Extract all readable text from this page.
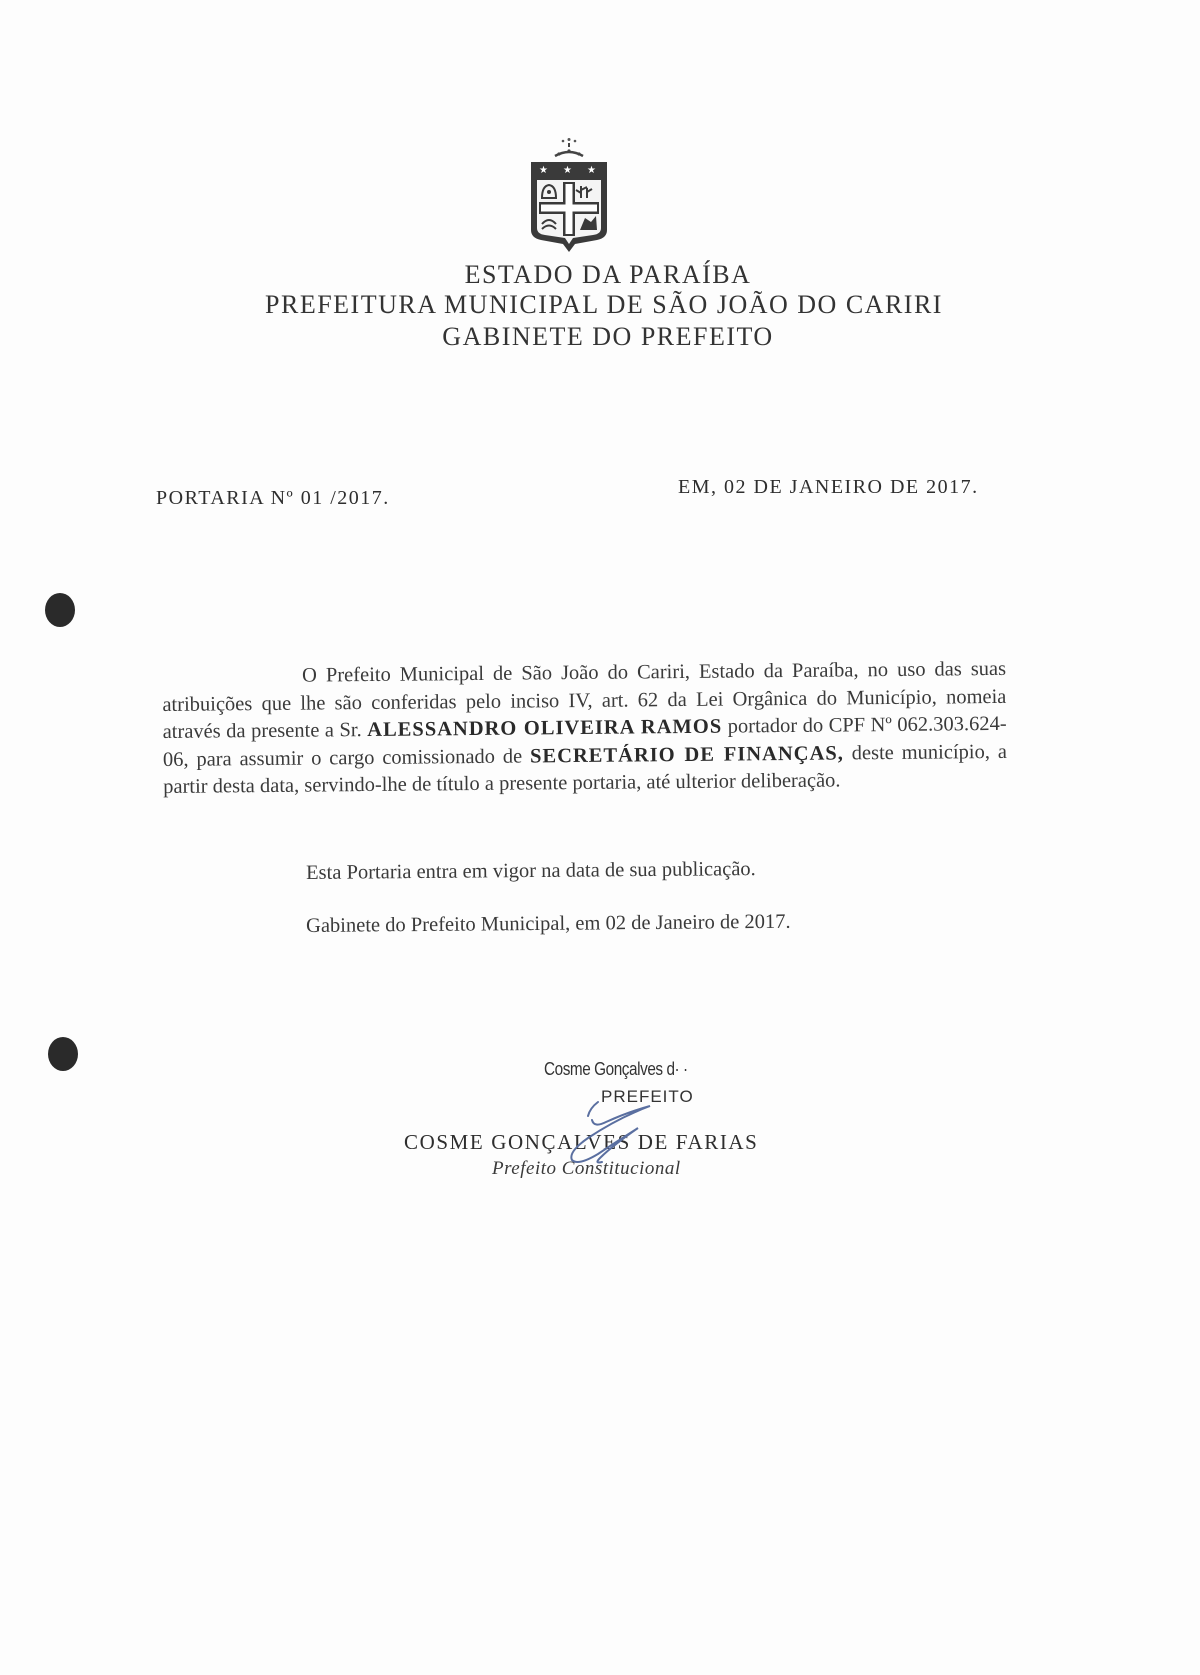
★ ★ ★
ESTADO DA PARAÍBA
PREFEITURA MUNICIPAL DE SÃO JOÃO DO CARIRI
GABINETE DO PREFEITO
PORTARIA Nº 01 /2017.	EM, 02 DE JANEIRO DE 2017.
O Prefeito Municipal de São João do Cariri, Estado da Paraíba, no uso das suas atribuições que lhe são conferidas pelo inciso IV, art. 62 da Lei Orgânica do Município, nomeia através da presente a Sr. ALESSANDRO OLIVEIRA RAMOS portador do CPF Nº 062.303.624-06, para assumir o cargo comissionado de SECRETÁRIO DE FINANÇAS, deste município, a partir desta data, servindo-lhe de título a presente portaria, até ulterior deliberação.
Esta Portaria entra em vigor na data de sua publicação.
Gabinete do Prefeito Municipal, em 02 de Janeiro de 2017.
Cosme Gonçalves d· ·
PREFEITO
COSME GONÇALVES DE FARIAS
Prefeito Constitucional
